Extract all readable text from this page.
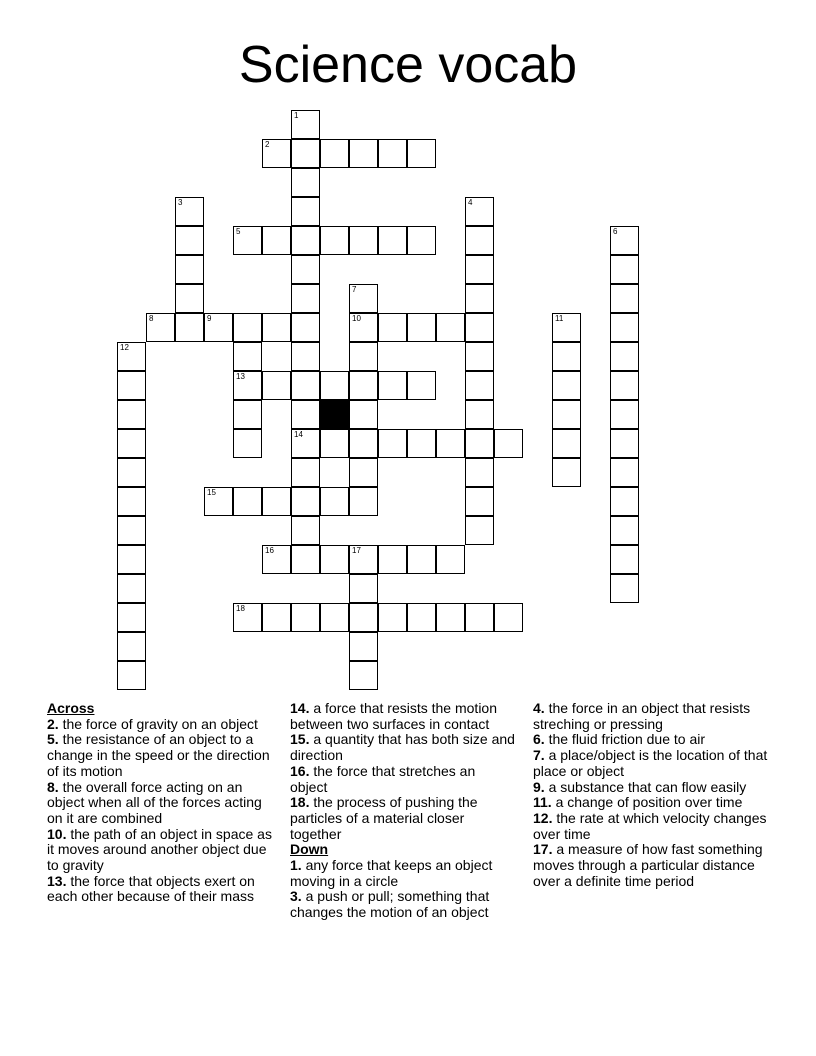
Science vocab
1
2
3	4
5	6
7
8	9	10	11
12
13
14
15
16	17
18
Across
2. the force of gravity on an object
5. the resistance of an object to a change in the speed or the direction of its motion
8. the overall force acting on an object when all of the forces acting on it are combined
10. the path of an object in space as it moves around another object due to gravity
13. the force that objects exert on each other because of their mass
14. a force that resists the motion between two surfaces in contact
15. a quantity that has both size and direction
16. the force that stretches an object
18. the process of pushing the particles of a material closer together
Down
1. any force that keeps an object moving in a circle
3. a push or pull; something that changes the motion of an object
4. the force in an object that resists streching or pressing
6. the fluid friction due to air
7. a place/object is the location of that place or object
9. a substance that can flow easily
11. a change of position over time
12. the rate at which velocity changes over time
17. a measure of how fast something moves through a particular distance over a definite time period
